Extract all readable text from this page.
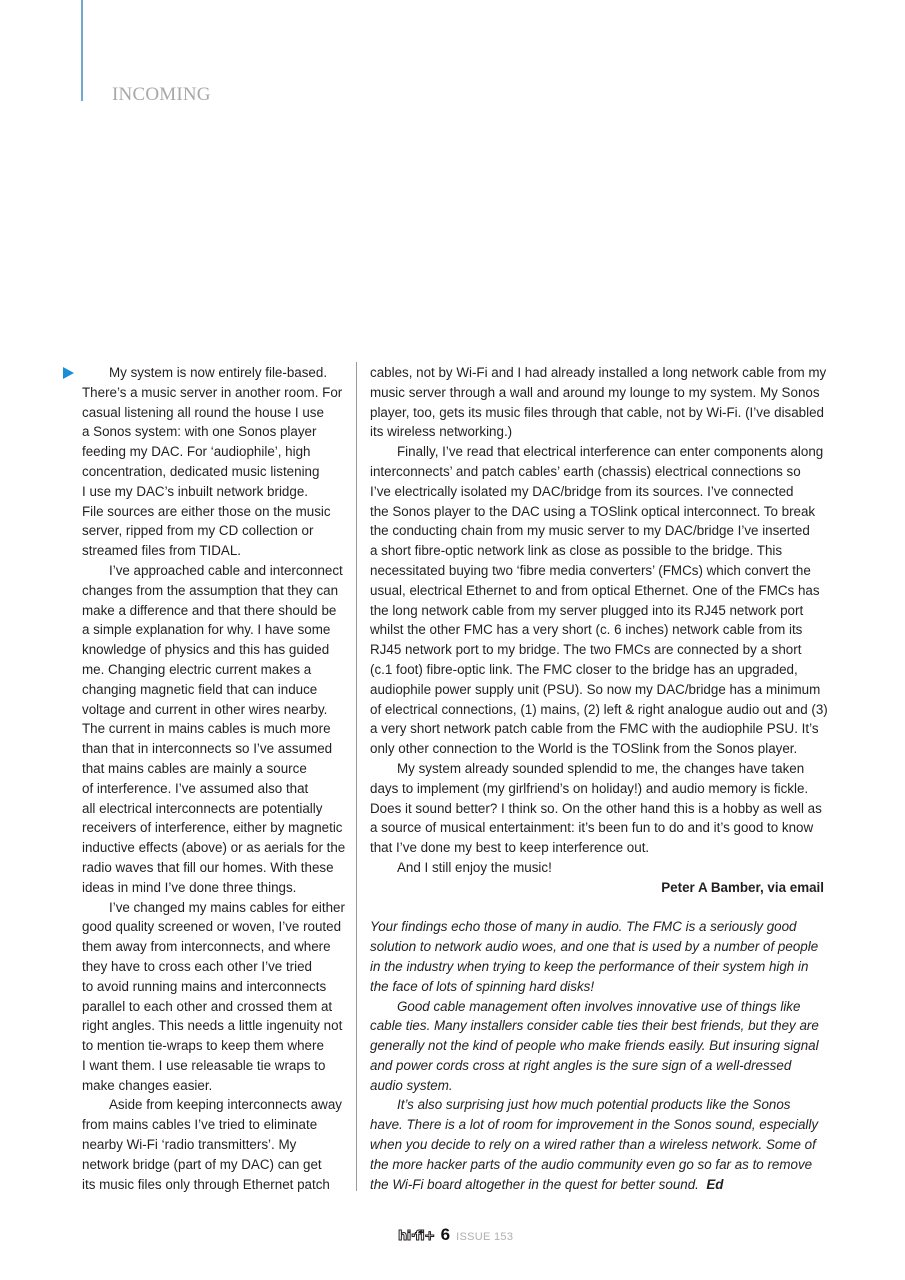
INCOMING
My system is now entirely file-based.
There’s a music server in another room. For
casual listening all round the house I use
a Sonos system: with one Sonos player
feeding my DAC. For ‘audiophile’, high
concentration, dedicated music listening
I use my DAC’s inbuilt network bridge.
File sources are either those on the music
server, ripped from my CD collection or
streamed files from TIDAL.
I’ve approached cable and interconnect
changes from the assumption that they can
make a difference and that there should be
a simple explanation for why. I have some
knowledge of physics and this has guided
me. Changing electric current makes a
changing magnetic field that can induce
voltage and current in other wires nearby.
The current in mains cables is much more
than that in interconnects so I’ve assumed
that mains cables are mainly a source
of interference. I’ve assumed also that
all electrical interconnects are potentially
receivers of interference, either by magnetic
inductive effects (above) or as aerials for the
radio waves that fill our homes. With these
ideas in mind I’ve done three things.
I’ve changed my mains cables for either
good quality screened or woven, I’ve routed
them away from interconnects, and where
they have to cross each other I’ve tried
to avoid running mains and interconnects
parallel to each other and crossed them at
right angles. This needs a little ingenuity not
to mention tie-wraps to keep them where
I want them. I use releasable tie wraps to
make changes easier.
Aside from keeping interconnects away
from mains cables I’ve tried to eliminate
nearby Wi-Fi ‘radio transmitters’. My
network bridge (part of my DAC) can get
its music files only through Ethernet patch
cables, not by Wi-Fi and I had already installed a long network cable from my
music server through a wall and around my lounge to my system. My Sonos
player, too, gets its music files through that cable, not by Wi-Fi. (I’ve disabled
its wireless networking.)
Finally, I’ve read that electrical interference can enter components along
interconnects’ and patch cables’ earth (chassis) electrical connections so
I’ve electrically isolated my DAC/bridge from its sources. I’ve connected
the Sonos player to the DAC using a TOSlink optical interconnect. To break
the conducting chain from my music server to my DAC/bridge I’ve inserted
a short fibre-optic network link as close as possible to the bridge. This
necessitated buying two ‘fibre media converters’ (FMCs) which convert the
usual, electrical Ethernet to and from optical Ethernet. One of the FMCs has
the long network cable from my server plugged into its RJ45 network port
whilst the other FMC has a very short (c. 6 inches) network cable from its
RJ45 network port to my bridge. The two FMCs are connected by a short
(c.1 foot) fibre-optic link. The FMC closer to the bridge has an upgraded,
audiophile power supply unit (PSU). So now my DAC/bridge has a minimum
of electrical connections, (1) mains, (2) left & right analogue audio out and (3)
a very short network patch cable from the FMC with the audiophile PSU. It’s
only other connection to the World is the TOSlink from the Sonos player.
My system already sounded splendid to me, the changes have taken
days to implement (my girlfriend’s on holiday!) and audio memory is fickle.
Does it sound better? I think so. On the other hand this is a hobby as well as
a source of musical entertainment: it’s been fun to do and it’s good to know
that I’ve done my best to keep interference out.
And I still enjoy the music!
Peter A Bamber, via email
Your findings echo those of many in audio. The FMC is a seriously good
solution to network audio woes, and one that is used by a number of people
in the industry when trying to keep the performance of their system high in
the face of lots of spinning hard disks!
Good cable management often involves innovative use of things like
cable ties. Many installers consider cable ties their best friends, but they are
generally not the kind of people who make friends easily. But insuring signal
and power cords cross at right angles is the sure sign of a well-dressed
audio system.
It’s also surprising just how much potential products like the Sonos
have. There is a lot of room for improvement in the Sonos sound, especially
when you decide to rely on a wired rather than a wireless network. Some of
the more hacker parts of the audio community even go so far as to remove
the Wi-Fi board altogether in the quest for better sound. Ed
hi·fi+ 6 ISSUE 153
